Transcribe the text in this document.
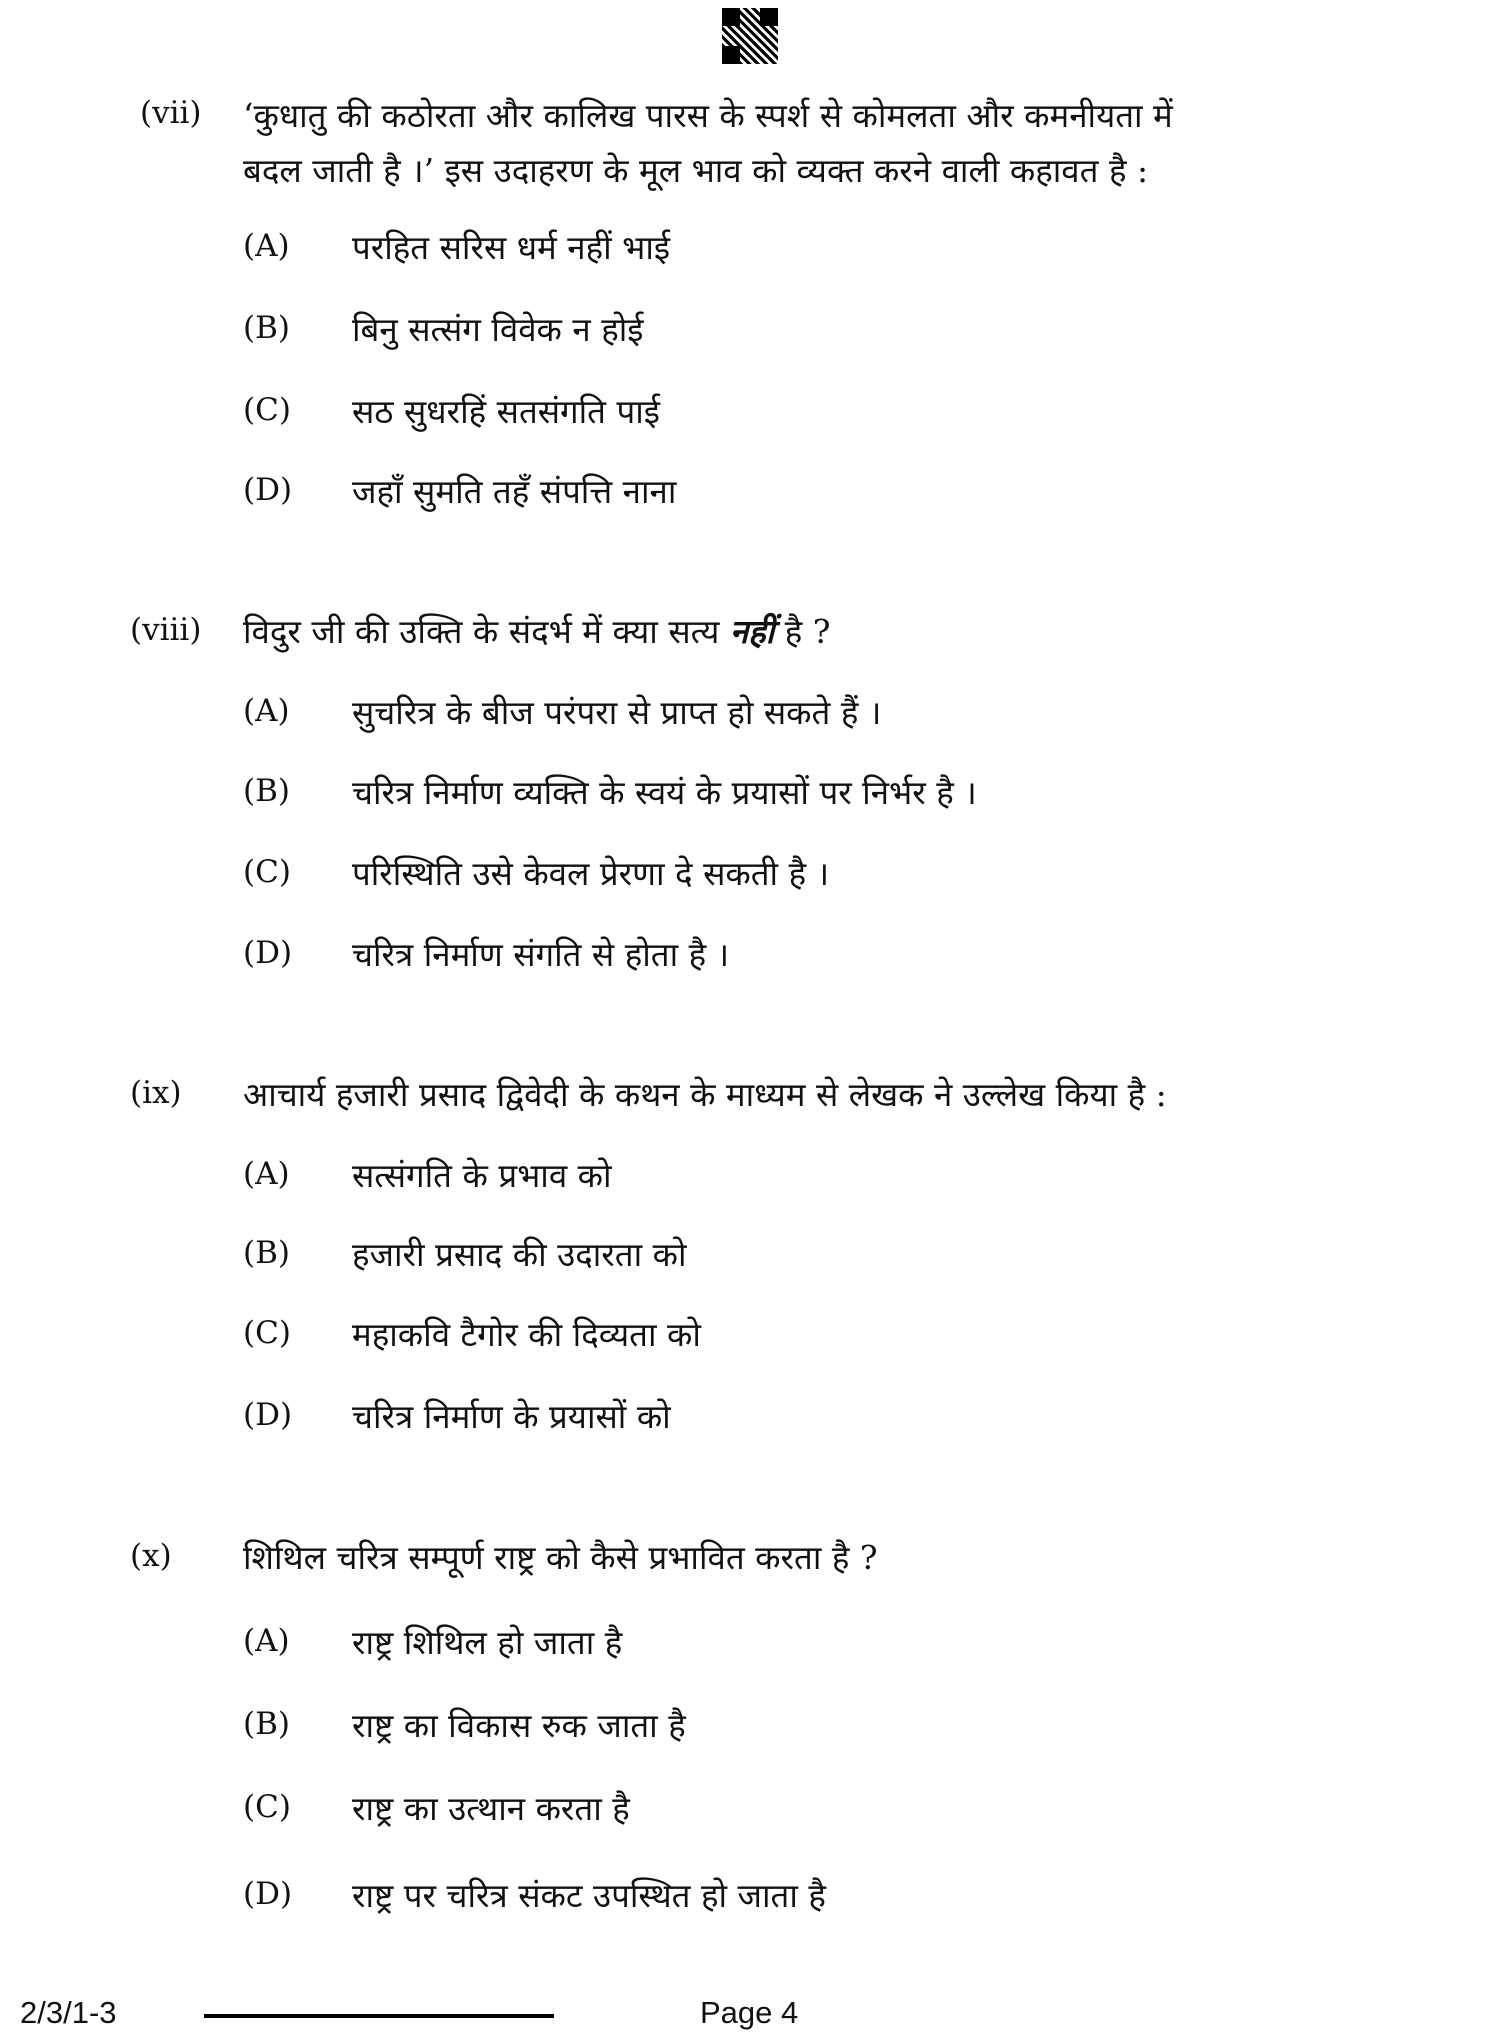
(vii) ‘कुधातु की कठोरता और कालिख पारस के स्पर्श से कोमलता और कमनीयता में
बदल जाती है ।’ इस उदाहरण के मूल भाव को व्यक्त करने वाली कहावत है :
(A) परहित सरिस धर्म नहीं भाई
(B) बिनु सत्संग विवेक न होई
(C) सठ सुधरहिं सतसंगति पाई
(D) जहाँ सुमति तहँ संपत्ति नाना
(viii) विदुर जी की उक्ति के संदर्भ में क्या सत्य नहीं है ?
(A) सुचरित्र के बीज परंपरा से प्राप्त हो सकते हैं ।
(B) चरित्र निर्माण व्यक्ति के स्वयं के प्रयासों पर निर्भर है ।
(C) परिस्थिति उसे केवल प्रेरणा दे सकती है ।
(D) चरित्र निर्माण संगति से होता है ।
(ix) आचार्य हजारी प्रसाद द्विवेदी के कथन के माध्यम से लेखक ने उल्लेख किया है :
(A) सत्संगति के प्रभाव को
(B) हजारी प्रसाद की उदारता को
(C) महाकवि टैगोर की दिव्यता को
(D) चरित्र निर्माण के प्रयासों को
(x) शिथिल चरित्र सम्पूर्ण राष्ट्र को कैसे प्रभावित करता है ?
(A) राष्ट्र शिथिल हो जाता है
(B) राष्ट्र का विकास रुक जाता है
(C) राष्ट्र का उत्थान करता है
(D) राष्ट्र पर चरित्र संकट उपस्थित हो जाता है
2/3/1-3	Page 4
